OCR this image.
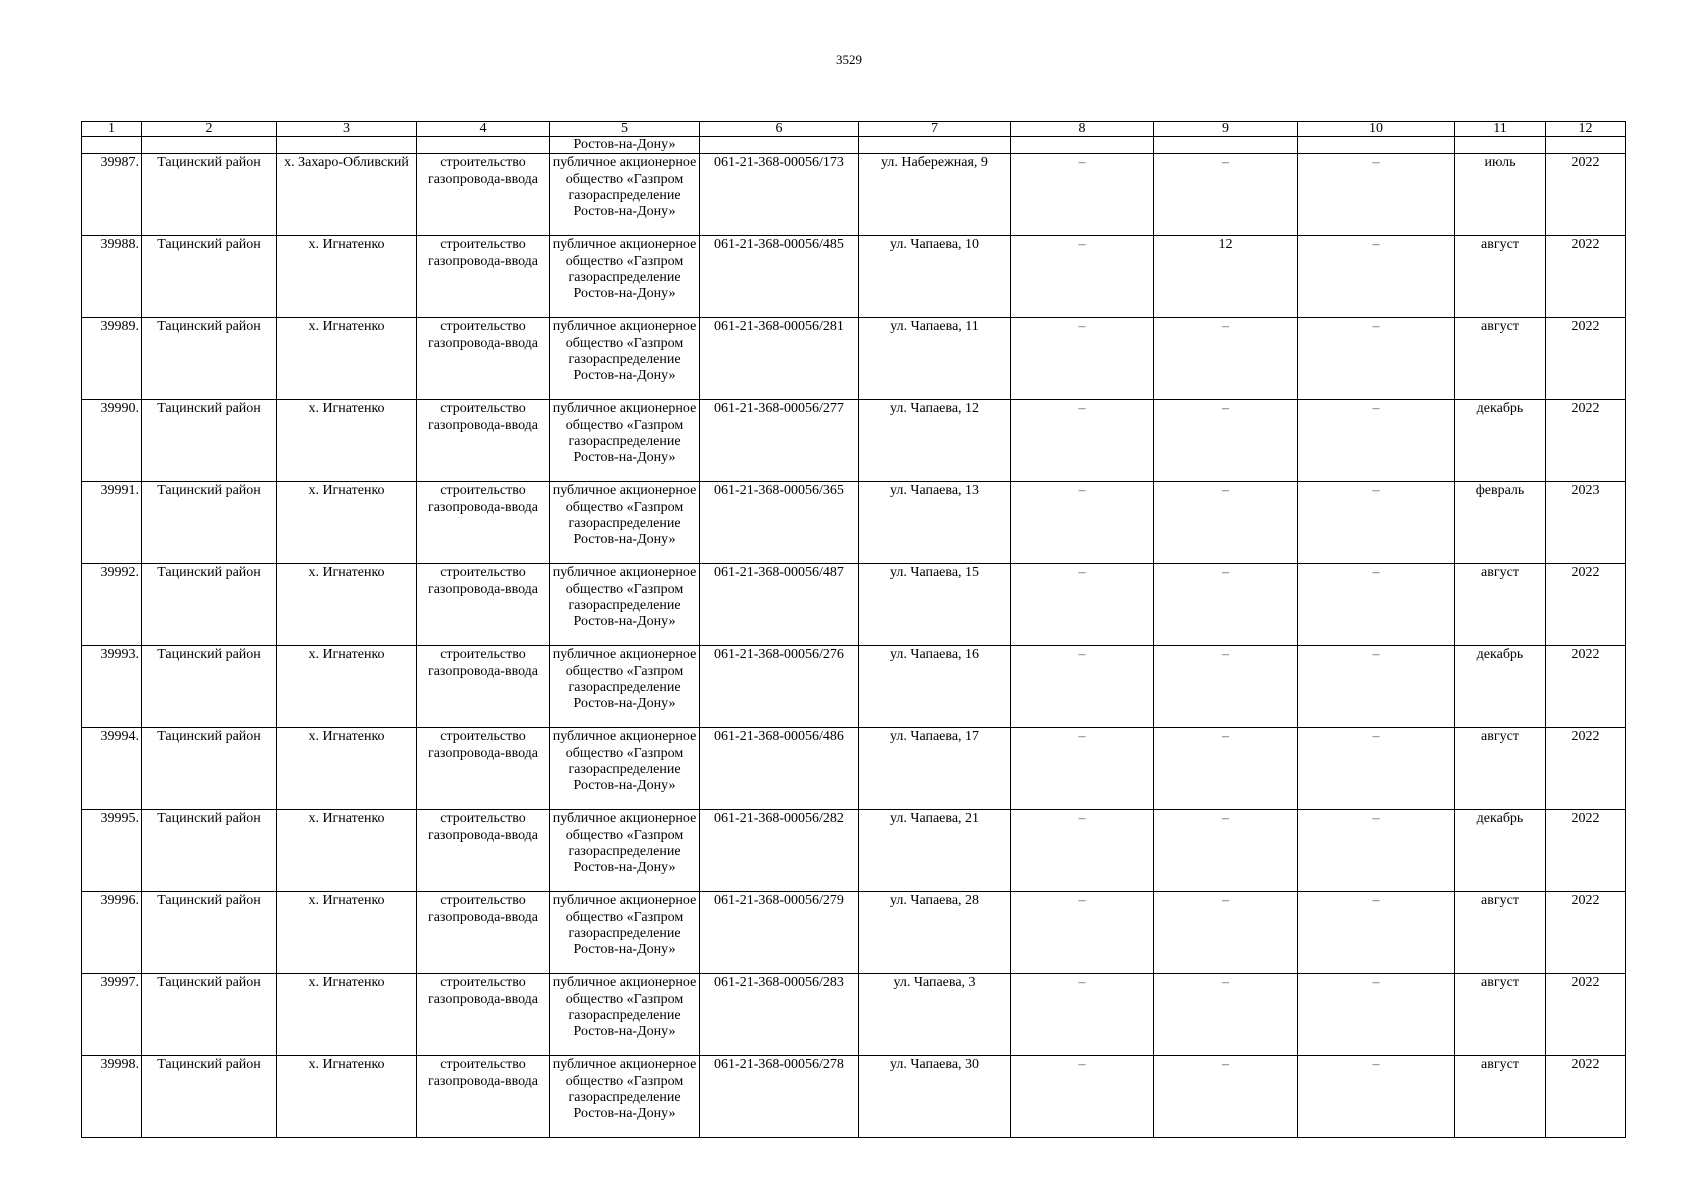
3529
1	2	3	4	5	6	7	8	9	10	11	12
				Ростов-на-Дону»							
39987.	Тацинский район	х. Захаро-Обливский	строительство газопровода-ввода	публичное акционерное общество «Газпром газораспределение Ростов-на-Дону»	061-21-368-00056/173	ул. Набережная, 9	–	–	–	июль	2022
39988.	Тацинский район	х. Игнатенко	строительство газопровода-ввода	публичное акционерное общество «Газпром газораспределение Ростов-на-Дону»	061-21-368-00056/485	ул. Чапаева, 10	–	12	–	август	2022
39989.	Тацинский район	х. Игнатенко	строительство газопровода-ввода	публичное акционерное общество «Газпром газораспределение Ростов-на-Дону»	061-21-368-00056/281	ул. Чапаева, 11	–	–	–	август	2022
39990.	Тацинский район	х. Игнатенко	строительство газопровода-ввода	публичное акционерное общество «Газпром газораспределение Ростов-на-Дону»	061-21-368-00056/277	ул. Чапаева, 12	–	–	–	декабрь	2022
39991.	Тацинский район	х. Игнатенко	строительство газопровода-ввода	публичное акционерное общество «Газпром газораспределение Ростов-на-Дону»	061-21-368-00056/365	ул. Чапаева, 13	–	–	–	февраль	2023
39992.	Тацинский район	х. Игнатенко	строительство газопровода-ввода	публичное акционерное общество «Газпром газораспределение Ростов-на-Дону»	061-21-368-00056/487	ул. Чапаева, 15	–	–	–	август	2022
39993.	Тацинский район	х. Игнатенко	строительство газопровода-ввода	публичное акционерное общество «Газпром газораспределение Ростов-на-Дону»	061-21-368-00056/276	ул. Чапаева, 16	–	–	–	декабрь	2022
39994.	Тацинский район	х. Игнатенко	строительство газопровода-ввода	публичное акционерное общество «Газпром газораспределение Ростов-на-Дону»	061-21-368-00056/486	ул. Чапаева, 17	–	–	–	август	2022
39995.	Тацинский район	х. Игнатенко	строительство газопровода-ввода	публичное акционерное общество «Газпром газораспределение Ростов-на-Дону»	061-21-368-00056/282	ул. Чапаева, 21	–	–	–	декабрь	2022
39996.	Тацинский район	х. Игнатенко	строительство газопровода-ввода	публичное акционерное общество «Газпром газораспределение Ростов-на-Дону»	061-21-368-00056/279	ул. Чапаева, 28	–	–	–	август	2022
39997.	Тацинский район	х. Игнатенко	строительство газопровода-ввода	публичное акционерное общество «Газпром газораспределение Ростов-на-Дону»	061-21-368-00056/283	ул. Чапаева, 3	–	–	–	август	2022
39998.	Тацинский район	х. Игнатенко	строительство газопровода-ввода	публичное акционерное общество «Газпром газораспределение Ростов-на-Дону»	061-21-368-00056/278	ул. Чапаева, 30	–	–	–	август	2022
